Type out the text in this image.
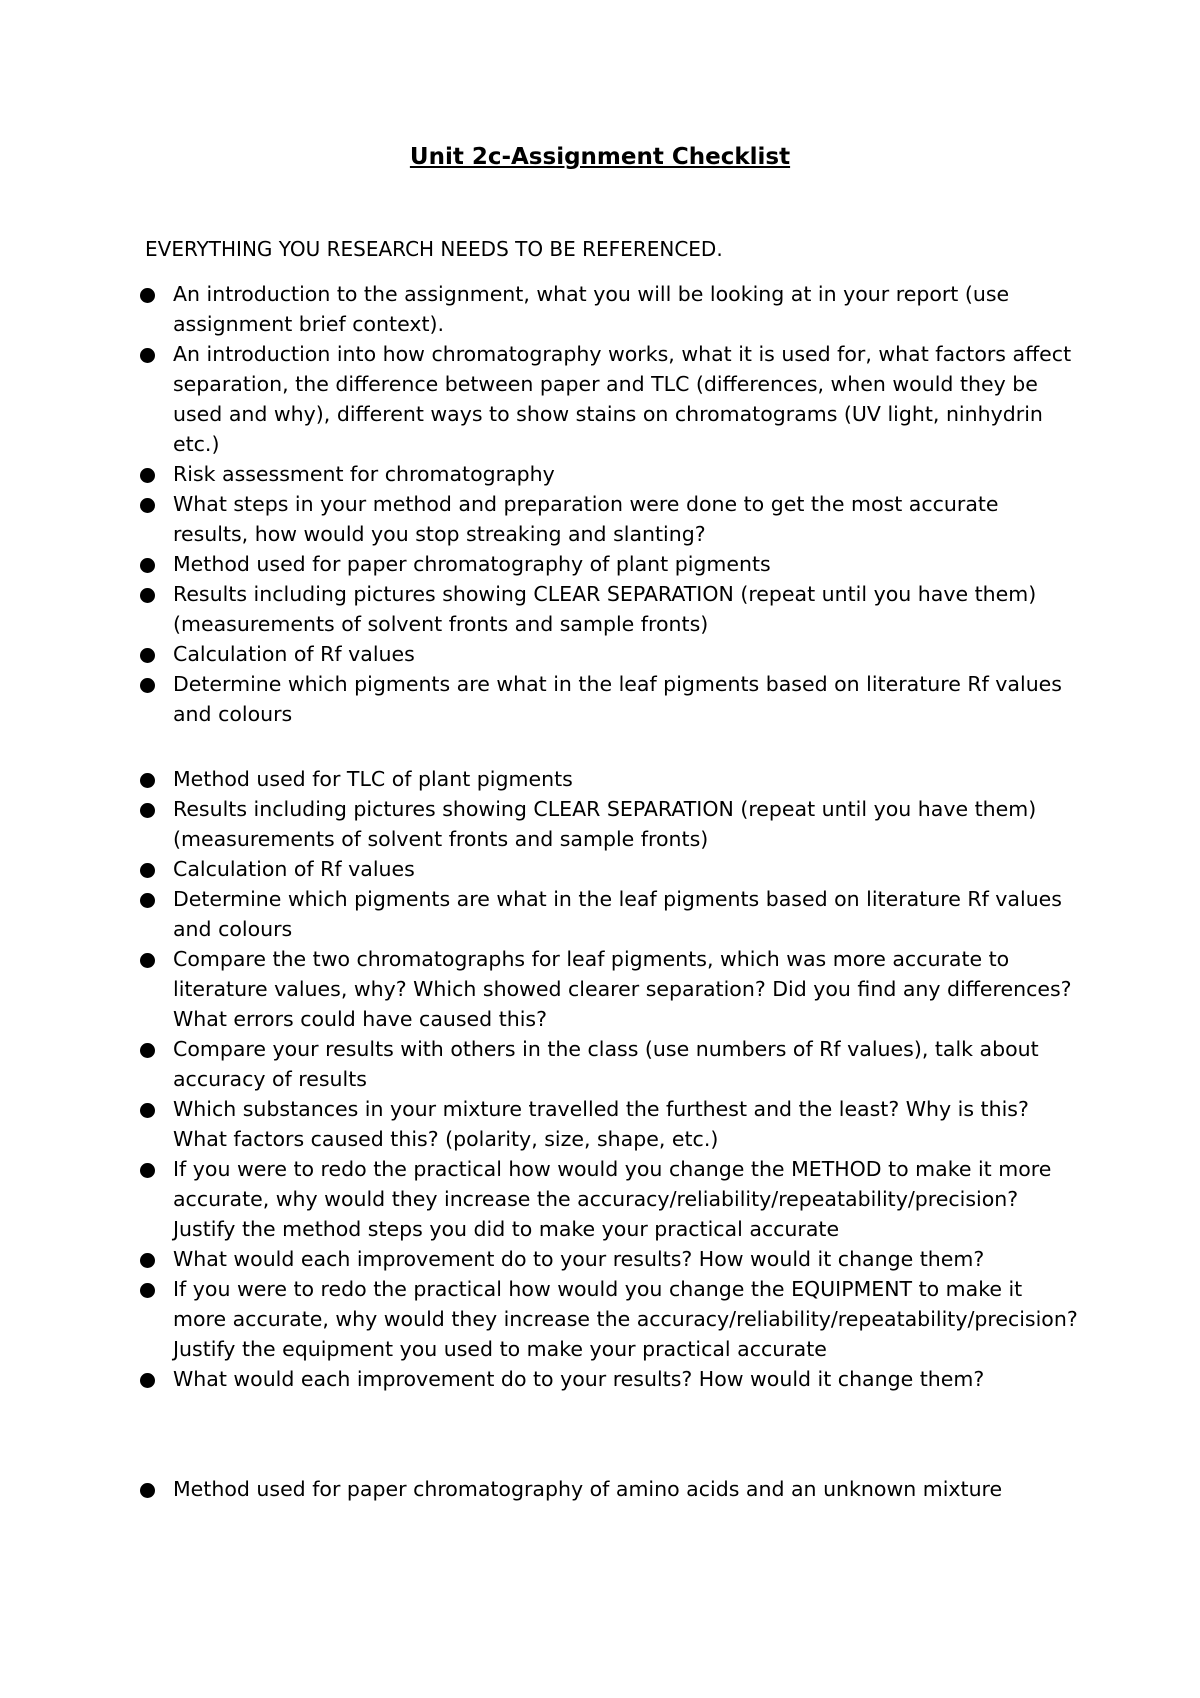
Unit 2c-Assignment Checklist

EVERYTHING YOU RESEARCH NEEDS TO BE REFERENCED.

An introduction to the assignment, what you will be looking at in your report (use assignment brief context).
An introduction into how chromatography works, what it is used for, what factors affect separation, the difference between paper and TLC (differences, when would they be used and why), different ways to show stains on chromatograms (UV light, ninhydrin etc.)
Risk assessment for chromatography
What steps in your method and preparation were done to get the most accurate results, how would you stop streaking and slanting?
Method used for paper chromatography of plant pigments
Results including pictures showing CLEAR SEPARATION (repeat until you have them) (measurements of solvent fronts and sample fronts)
Calculation of Rf values
Determine which pigments are what in the leaf pigments based on literature Rf values and colours
Method used for TLC of plant pigments
Results including pictures showing CLEAR SEPARATION (repeat until you have them) (measurements of solvent fronts and sample fronts)
Calculation of Rf values
Determine which pigments are what in the leaf pigments based on literature Rf values and colours
Compare the two chromatographs for leaf pigments, which was more accurate to literature values, why? Which showed clearer separation? Did you find any differences? What errors could have caused this?
Compare your results with others in the class (use numbers of Rf values), talk about accuracy of results
Which substances in your mixture travelled the furthest and the least? Why is this? What factors caused this? (polarity, size, shape, etc.)
If you were to redo the practical how would you change the METHOD to make it more accurate, why would they increase the accuracy/reliability/repeatability/precision? Justify the method steps you did to make your practical accurate
What would each improvement do to your results? How would it change them?
If you were to redo the practical how would you change the EQUIPMENT to make it more accurate, why would they increase the accuracy/reliability/repeatability/precision? Justify the equipment you used to make your practical accurate
What would each improvement do to your results? How would it change them?
Method used for paper chromatography of amino acids and an unknown mixture
